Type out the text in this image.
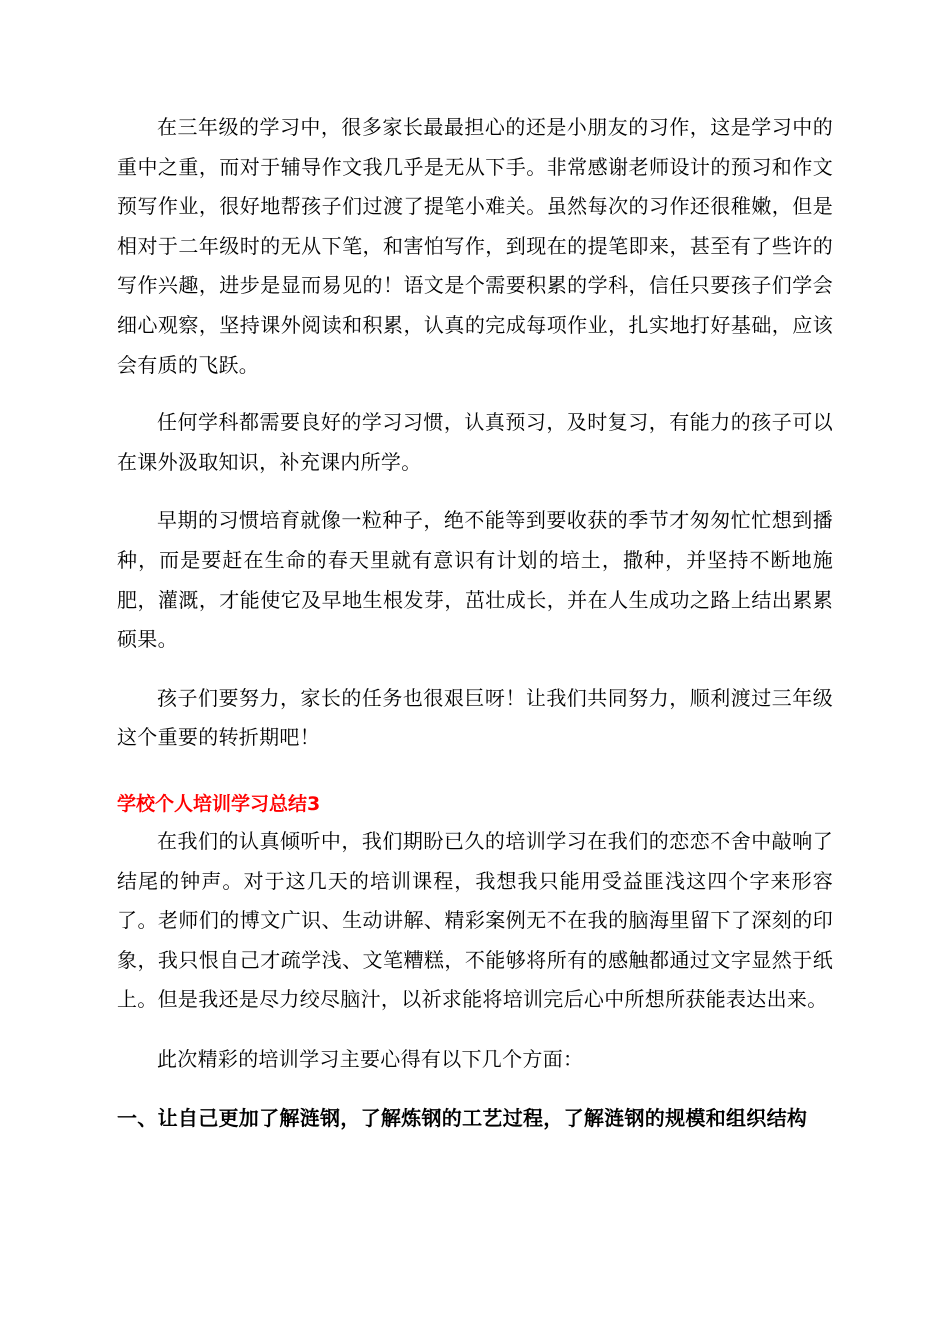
在三年级的学习中，很多家长最最担心的还是小朋友的习作，这是学习中的重中之重，而对于辅导作文我几乎是无从下手。非常感谢老师设计的预习和作文预写作业，很好地帮孩子们过渡了提笔小难关。虽然每次的习作还很稚嫩，但是相对于二年级时的无从下笔，和害怕写作，到现在的提笔即来，甚至有了些许的写作兴趣，进步是显而易见的！语文是个需要积累的学科，信任只要孩子们学会细心观察，坚持课外阅读和积累，认真的完成每项作业，扎实地打好基础，应该会有质的飞跃。

任何学科都需要良好的学习习惯，认真预习，及时复习，有能力的孩子可以在课外汲取知识，补充课内所学。

早期的习惯培育就像一粒种子，绝不能等到要收获的季节才匆匆忙忙想到播种，而是要赶在生命的春天里就有意识有计划的培土，撒种，并坚持不断地施肥，灌溉，才能使它及早地生根发芽，茁壮成长，并在人生成功之路上结出累累硕果。

孩子们要努力，家长的任务也很艰巨呀！让我们共同努力，顺利渡过三年级这个重要的转折期吧！

学校个人培训学习总结3

在我们的认真倾听中，我们期盼已久的培训学习在我们的恋恋不舍中敲响了结尾的钟声。对于这几天的培训课程，我想我只能用受益匪浅这四个字来形容了。老师们的博文广识、生动讲解、精彩案例无不在我的脑海里留下了深刻的印象，我只恨自己才疏学浅、文笔糟糕，不能够将所有的感触都通过文字显然于纸上。但是我还是尽力绞尽脑汁，以祈求能将培训完后心中所想所获能表达出来。

此次精彩的培训学习主要心得有以下几个方面：

一、让自己更加了解涟钢，了解炼钢的工艺过程，了解涟钢的规模和组织结构
